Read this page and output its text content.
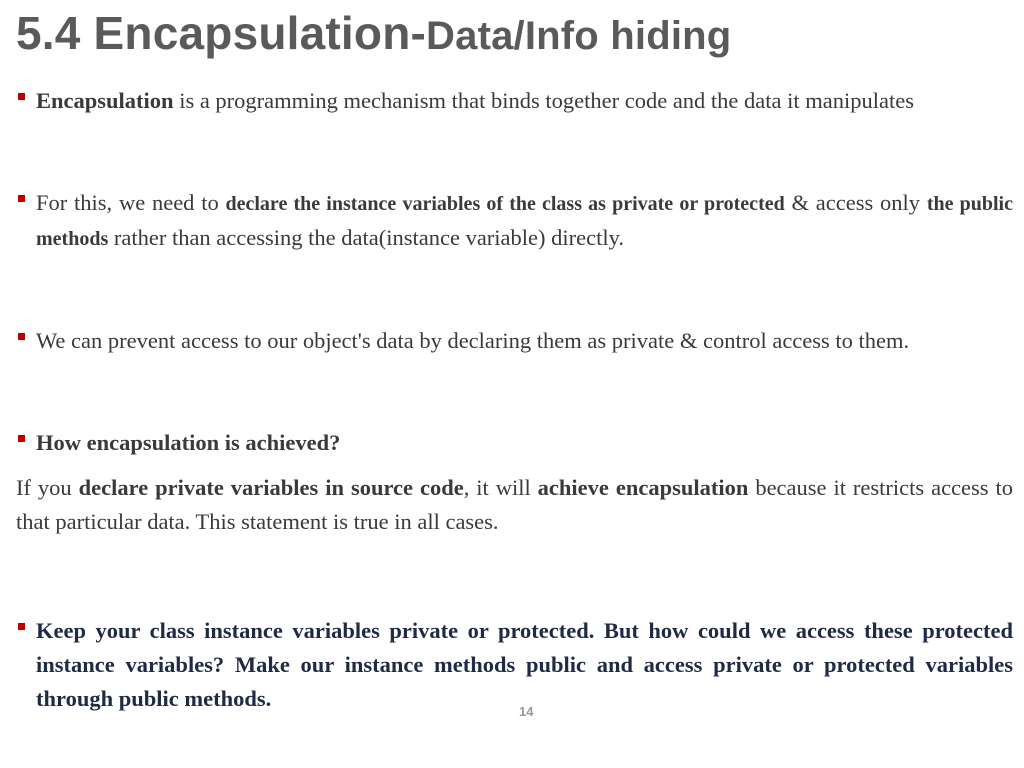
5.4 Encapsulation-Data/Info hiding

Encapsulation is a programming mechanism that binds together code and the data it manipulates

For this, we need to declare the instance variables of the class as private or protected & access only the public methods rather than accessing the data(instance variable) directly.

We can prevent access to our object's data by declaring them as private & control access to them.

How encapsulation is achieved?

If you declare private variables in source code, it will achieve encapsulation because it restricts access to that particular data. This statement is true in all cases.

Keep your class instance variables private or protected. But how could we access these protected instance variables? Make our instance methods public and access private or protected variables through public methods.

14
